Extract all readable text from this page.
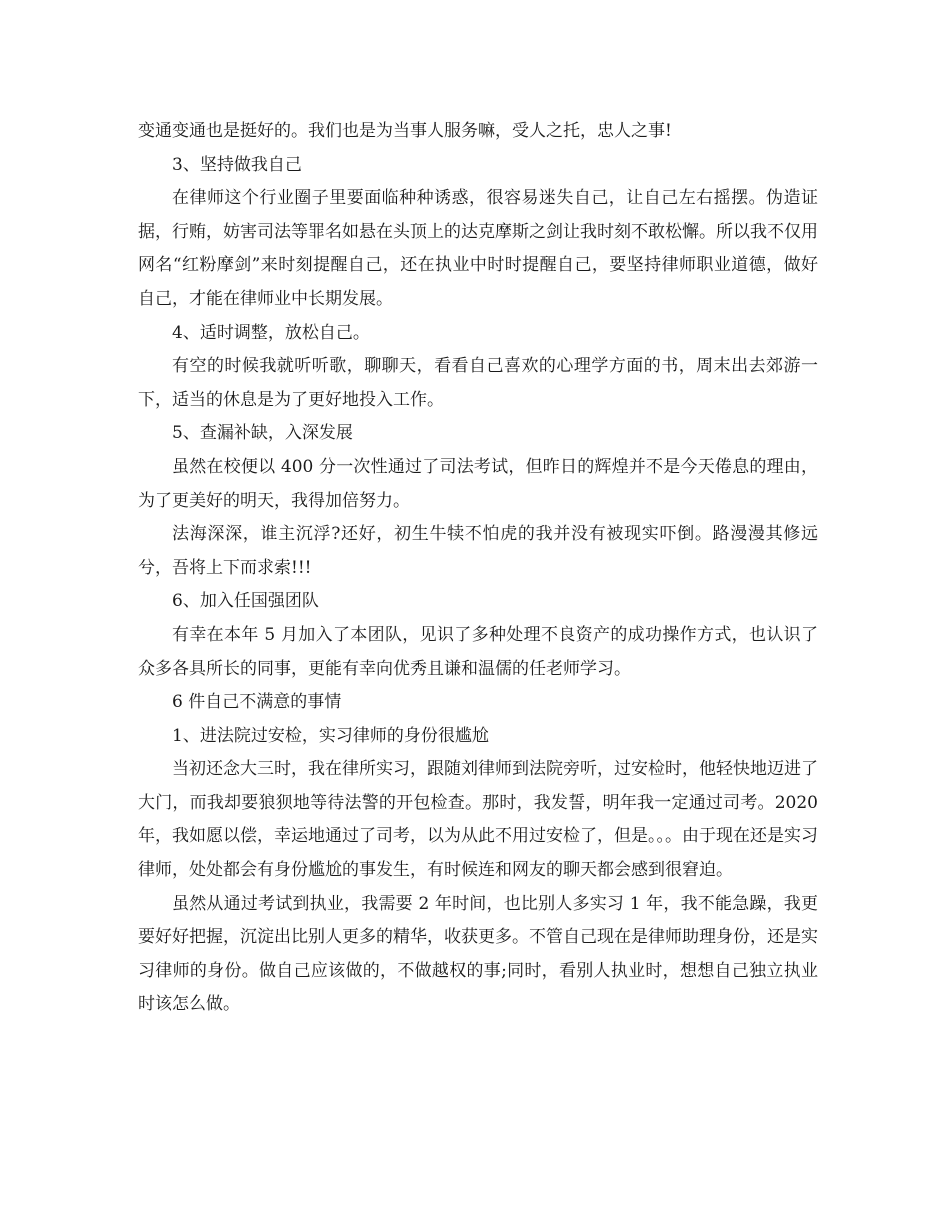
变通变通也是挺好的。我们也是为当事人服务嘛，受人之托，忠人之事!

3、坚持做我自己

在律师这个行业圈子里要面临种种诱惑，很容易迷失自己，让自己左右摇摆。伪造证据，行贿，妨害司法等罪名如悬在头顶上的达克摩斯之剑让我时刻不敢松懈。所以我不仅用网名“红粉摩剑”来时刻提醒自己，还在执业中时时提醒自己，要坚持律师职业道德，做好自己，才能在律师业中长期发展。

4、适时调整，放松自己。

有空的时候我就听听歌，聊聊天，看看自己喜欢的心理学方面的书，周末出去郊游一下，适当的休息是为了更好地投入工作。

5、查漏补缺，入深发展

虽然在校便以 400 分一次性通过了司法考试，但昨日的辉煌并不是今天倦息的理由，为了更美好的明天，我得加倍努力。

法海深深，谁主沉浮?还好，初生牛犊不怕虎的我并没有被现实吓倒。路漫漫其修远兮，吾将上下而求索!!!

6、加入任国强团队

有幸在本年 5 月加入了本团队，见识了多种处理不良资产的成功操作方式，也认识了众多各具所长的同事，更能有幸向优秀且谦和温儒的任老师学习。

6 件自己不满意的事情

1、进法院过安检，实习律师的身份很尴尬

当初还念大三时，我在律所实习，跟随刘律师到法院旁听，过安检时，他轻快地迈进了大门，而我却要狼狈地等待法警的开包检查。那时，我发誓，明年我一定通过司考。2020 年，我如愿以偿，幸运地通过了司考，以为从此不用过安检了，但是。。。由于现在还是实习律师，处处都会有身份尴尬的事发生，有时候连和网友的聊天都会感到很窘迫。

虽然从通过考试到执业，我需要 2 年时间，也比别人多实习 1 年，我不能急躁，我更要好好把握，沉淀出比别人更多的精华，收获更多。不管自己现在是律师助理身份，还是实习律师的身份。做自己应该做的，不做越权的事;同时，看别人执业时，想想自己独立执业时该怎么做。
